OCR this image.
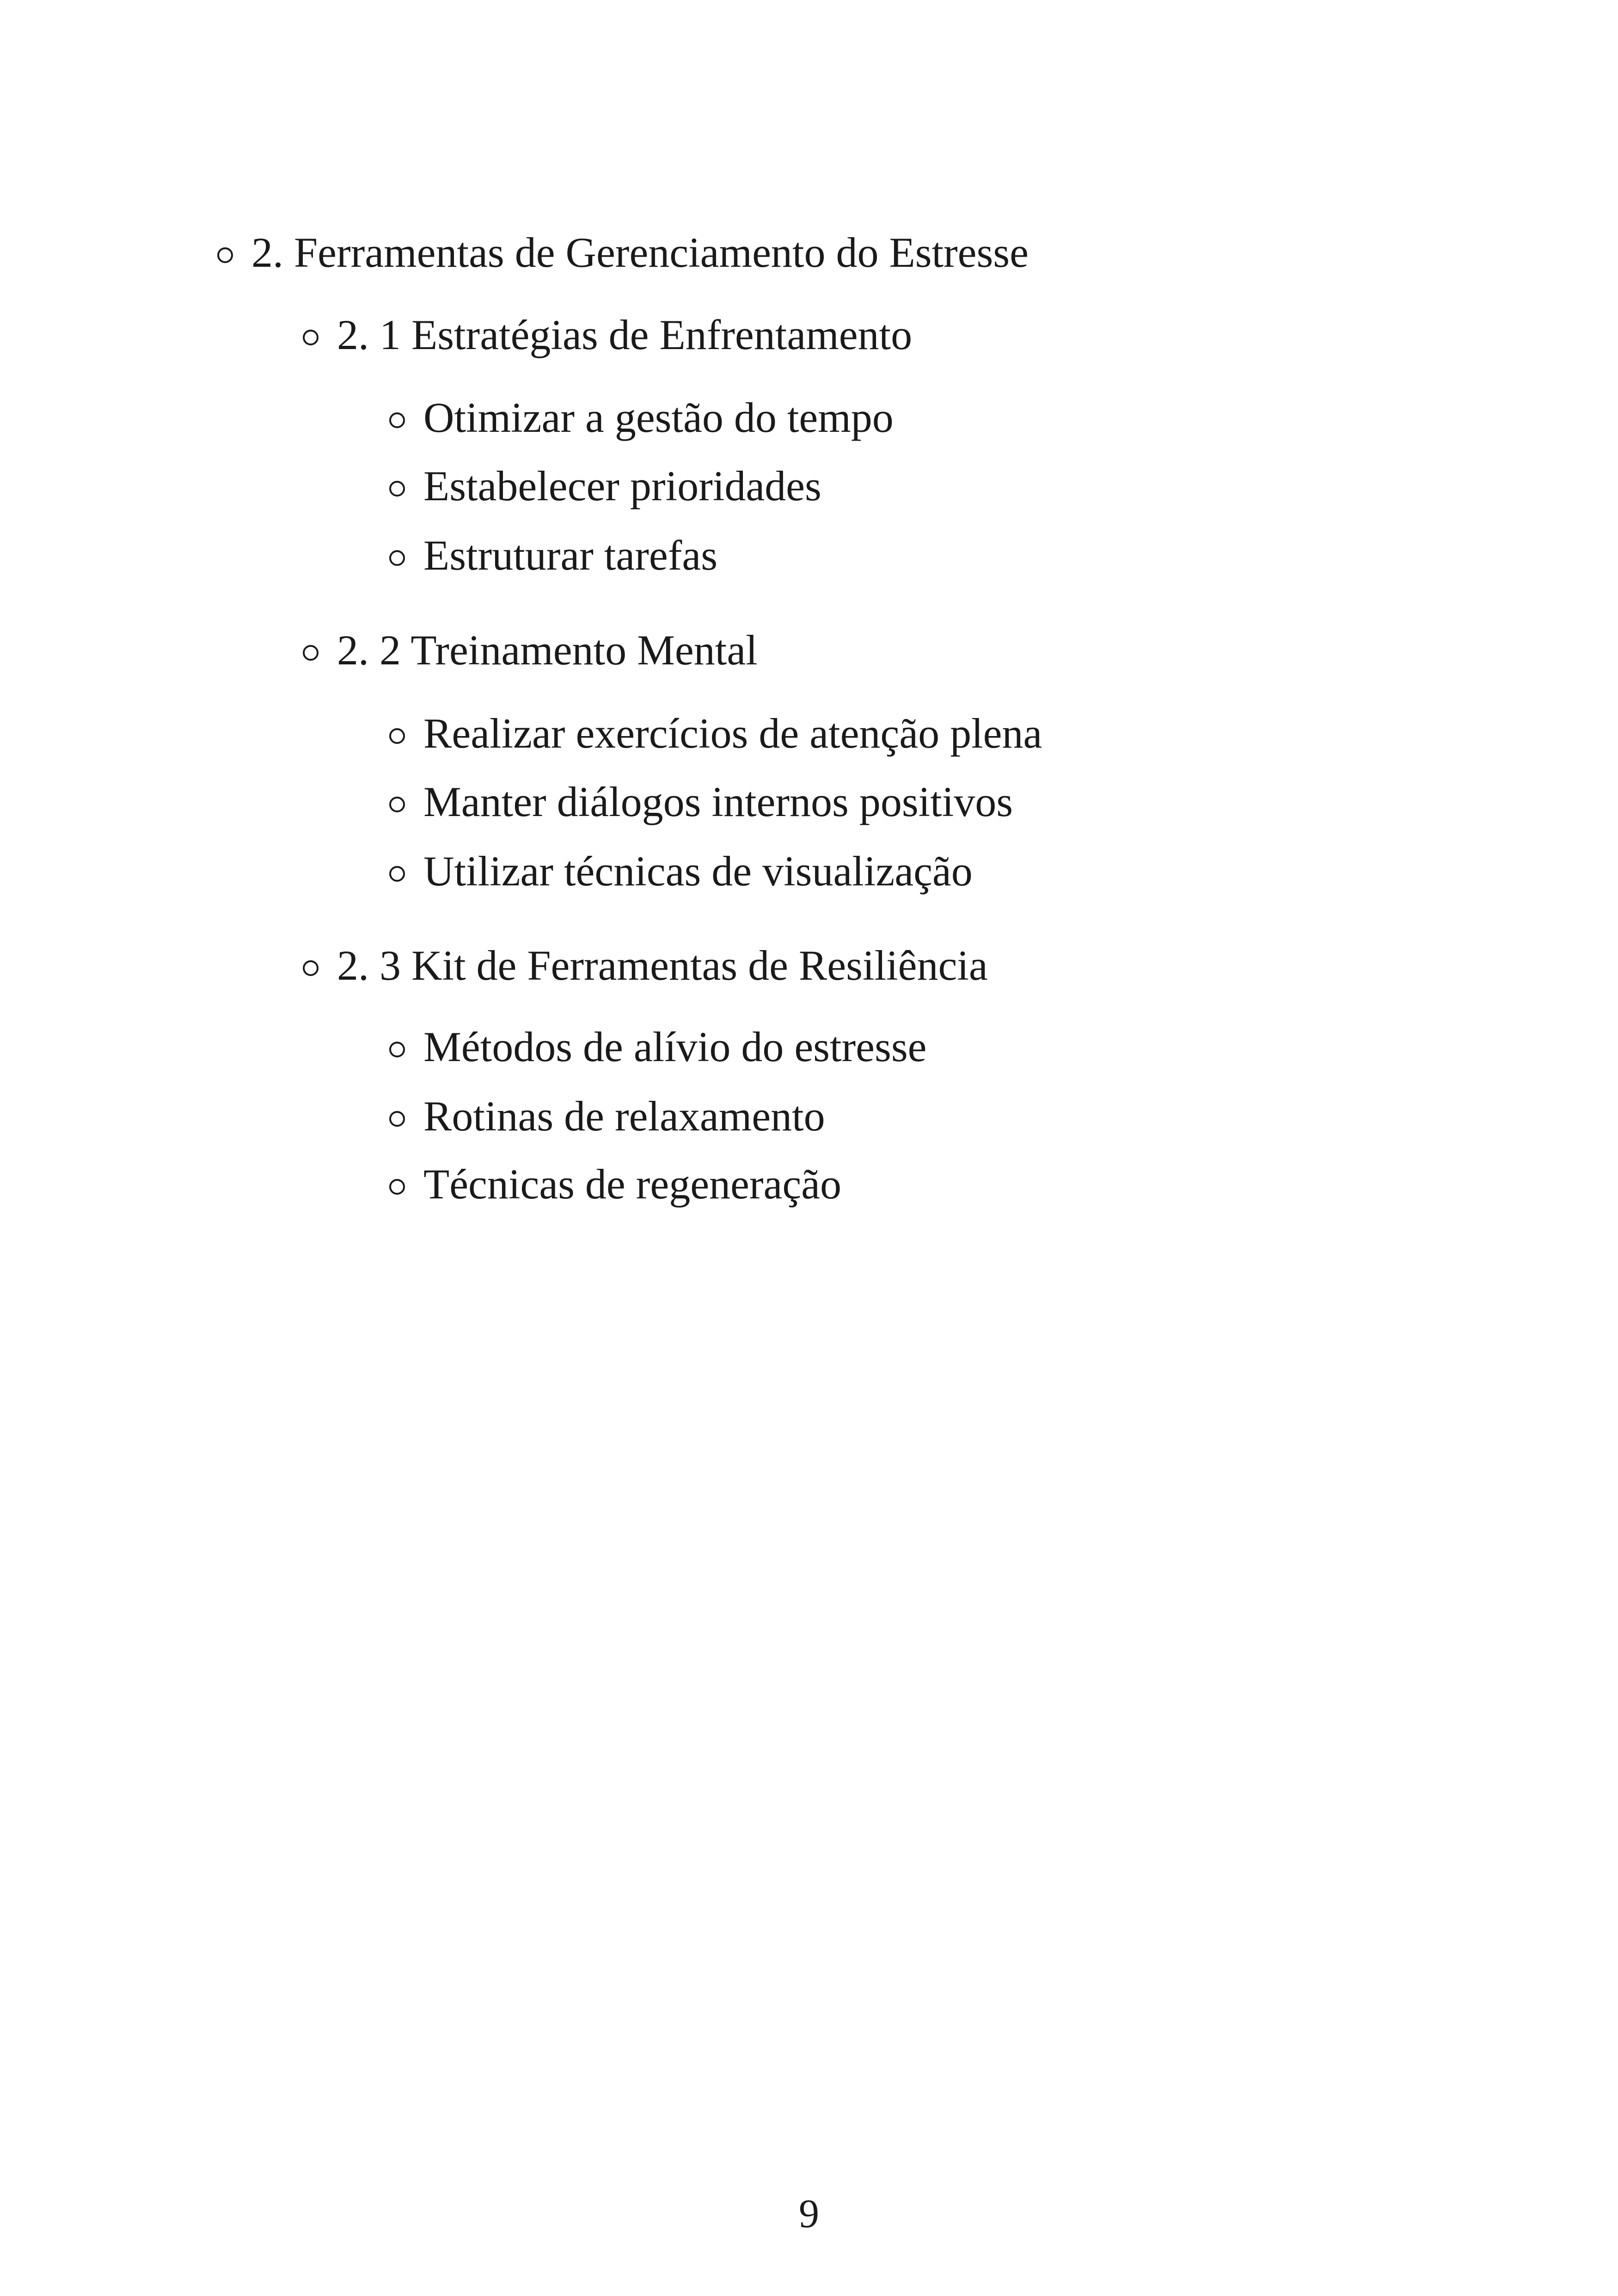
2. Ferramentas de Gerenciamento do Estresse
2. 1 Estratégias de Enfrentamento
Otimizar a gestão do tempo
Estabelecer prioridades
Estruturar tarefas
2. 2 Treinamento Mental
Realizar exercícios de atenção plena
Manter diálogos internos positivos
Utilizar técnicas de visualização
2. 3 Kit de Ferramentas de Resiliência
Métodos de alívio do estresse
Rotinas de relaxamento
Técnicas de regeneração
9
